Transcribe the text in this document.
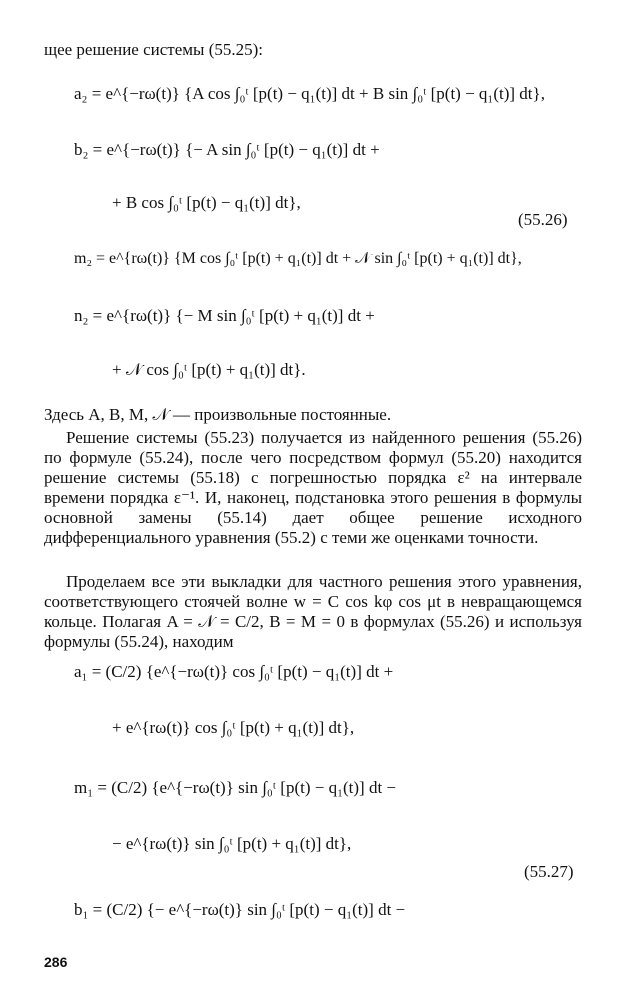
щее решение системы (55.25):
a₂ = e^{−rω(t)} {A cos ∫₀ᵗ [p(t) − q₁(t)] dt + B sin ∫₀ᵗ [p(t) − q₁(t)] dt},
b₂ = e^{−rω(t)} {− A sin ∫₀ᵗ [p(t) − q₁(t)] dt +
+ B cos ∫₀ᵗ [p(t) − q₁(t)] dt},
(55.26)
m₂ = e^{rω(t)} {M cos ∫₀ᵗ [p(t) + q₁(t)] dt + 𝒩 sin ∫₀ᵗ [p(t) + q₁(t)] dt},
n₂ = e^{rω(t)} {− M sin ∫₀ᵗ [p(t) + q₁(t)] dt +
+ 𝒩 cos ∫₀ᵗ [p(t) + q₁(t)] dt}.
Здесь A, B, M, 𝒩 — произвольные постоянные.
Решение системы (55.23) получается из найденного решения (55.26) по формуле (55.24), после чего посредством формул (55.20) находится решение системы (55.18) с погрешностью порядка ε² на интервале времени порядка ε⁻¹. И, наконец, подстановка этого решения в формулы основной замены (55.14) дает общее решение исходного дифференциального уравнения (55.2) с теми же оценками точности.
Проделаем все эти выкладки для частного решения этого уравнения, соответствующего стоячей волне w = C cos kφ cos μt в невращающемся кольце. Полагая A = 𝒩 = C/2, B = M = 0 в формулах (55.26) и используя формулы (55.24), находим
a₁ = (C/2) {e^{−rω(t)} cos ∫₀ᵗ [p(t) − q₁(t)] dt +
+ e^{rω(t)} cos ∫₀ᵗ [p(t) + q₁(t)] dt},
m₁ = (C/2) {e^{−rω(t)} sin ∫₀ᵗ [p(t) − q₁(t)] dt −
− e^{rω(t)} sin ∫₀ᵗ [p(t) + q₁(t)] dt},
(55.27)
b₁ = (C/2) {− e^{−rω(t)} sin ∫₀ᵗ [p(t) − q₁(t)] dt −
286
